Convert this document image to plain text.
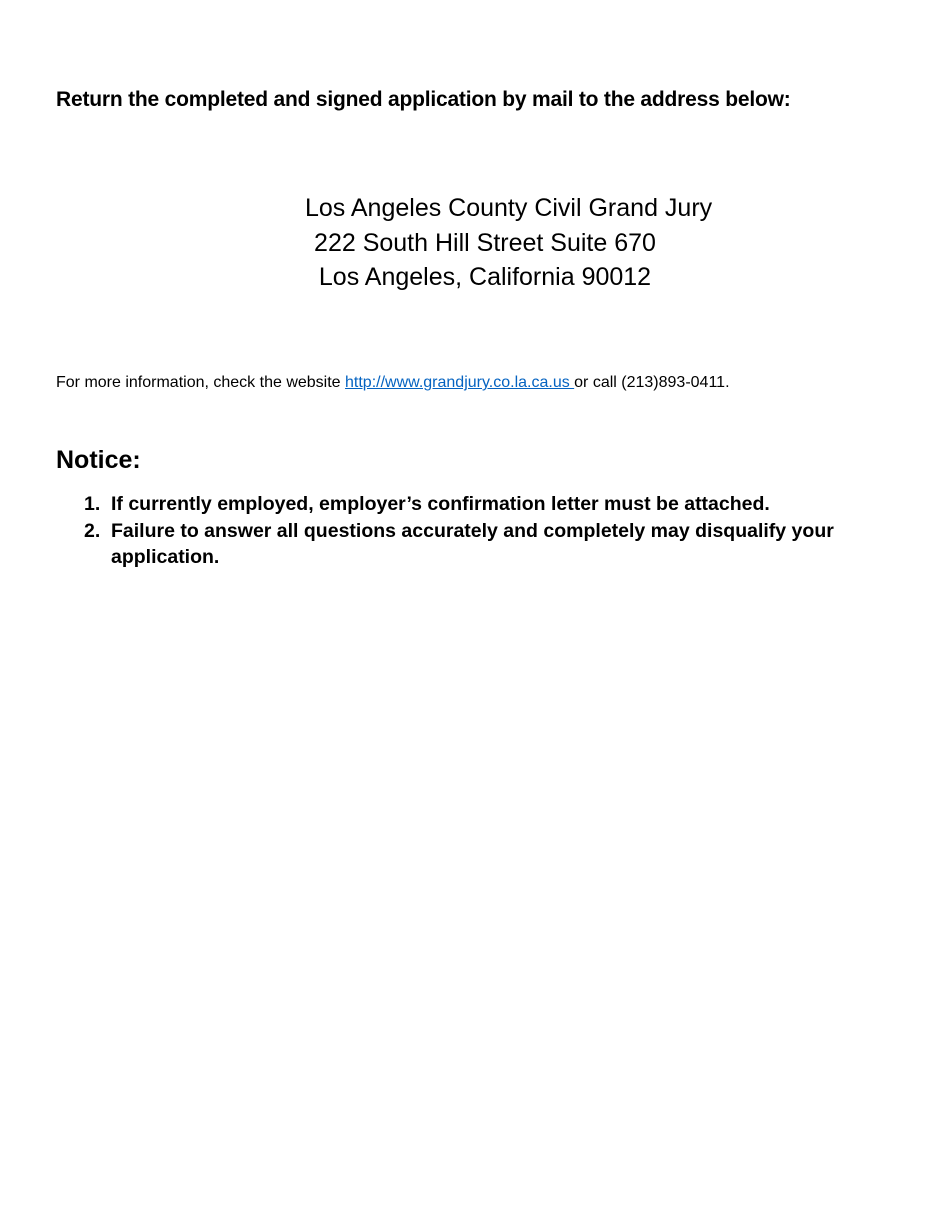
Return the completed and signed application by mail to the address below:

Los Angeles County Civil Grand Jury
222 South Hill Street Suite 670
Los Angeles, California 90012

For more information, check the website http://www.grandjury.co.la.ca.us or call (213)893-0411.

Notice:
1. If currently employed, employer’s confirmation letter must be attached.
2. Failure to answer all questions accurately and completely may disqualify your application.
